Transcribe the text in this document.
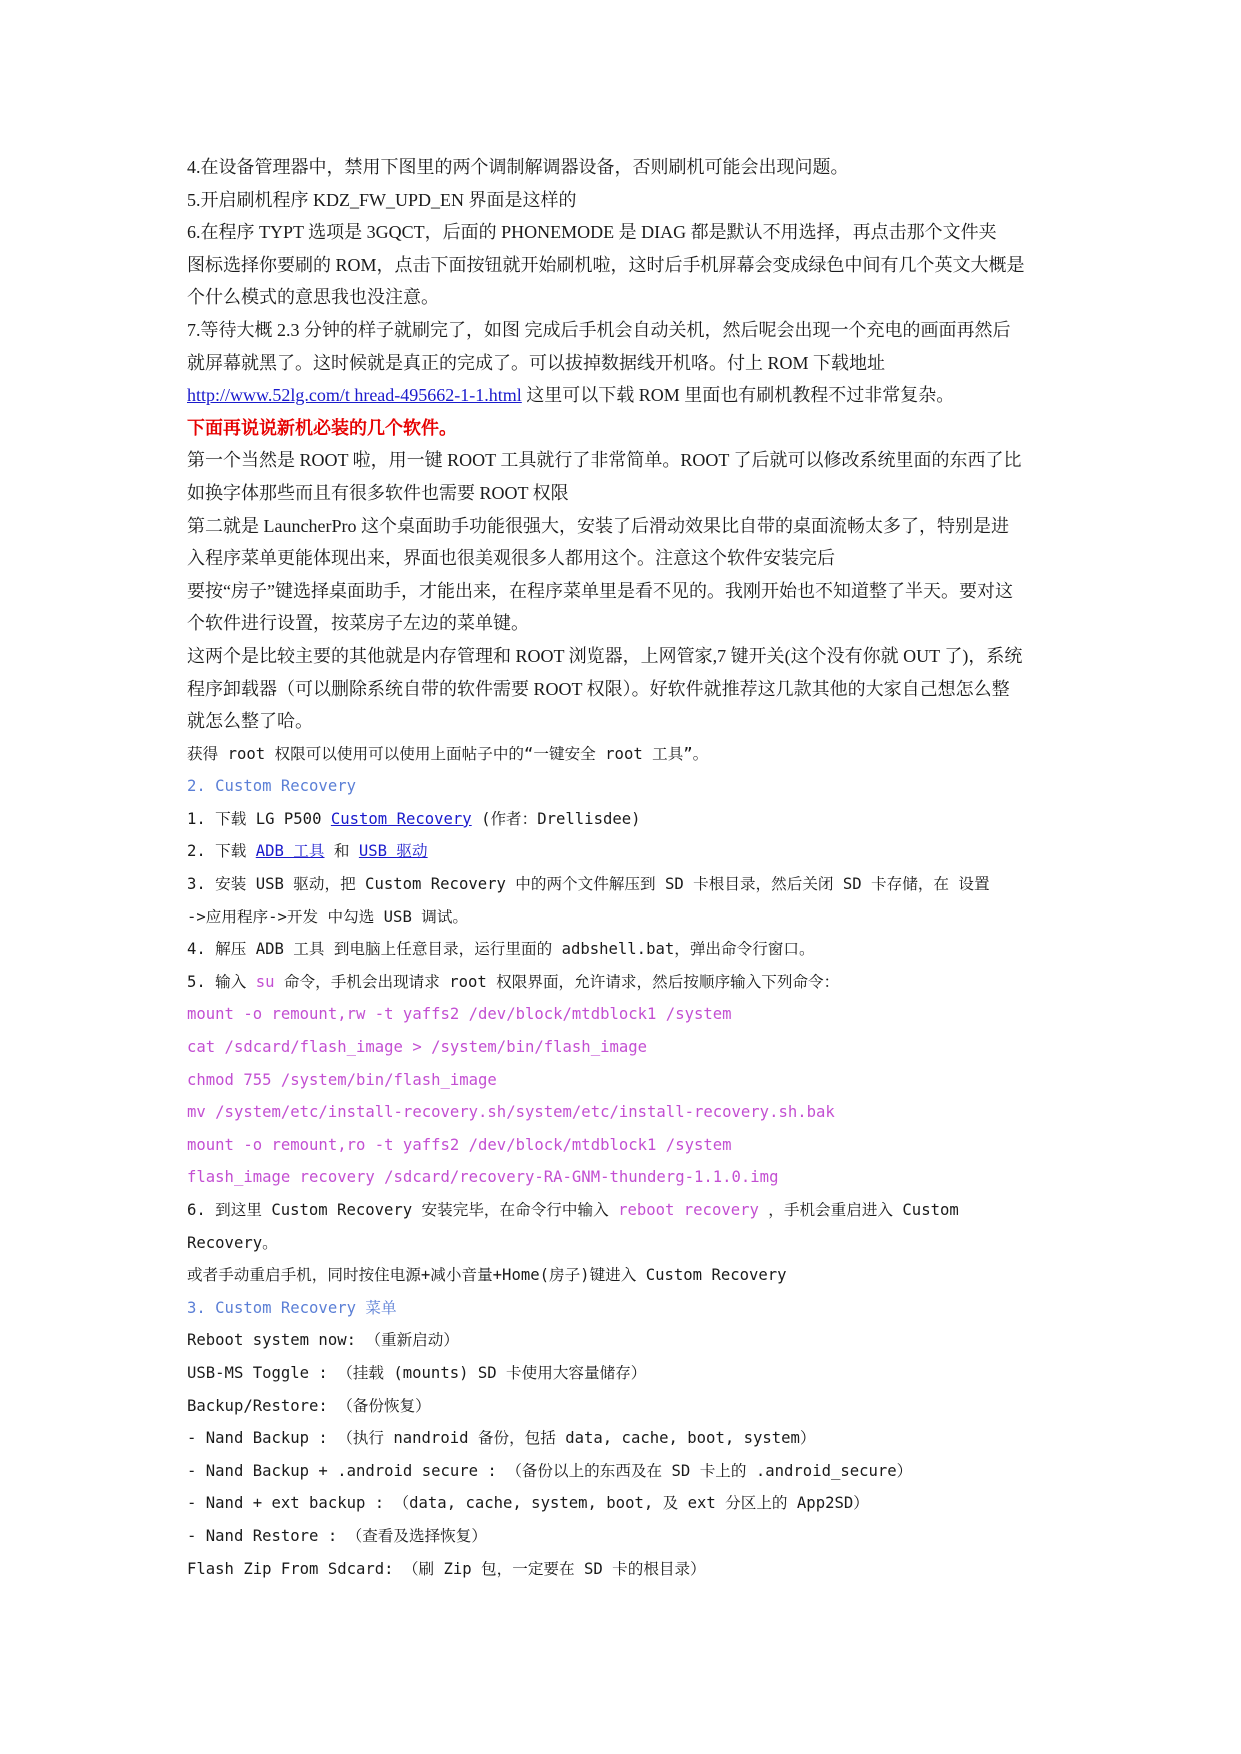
4.在设备管理器中，禁用下图里的两个调制解调器设备，否则刷机可能会出现问题。
5.开启刷机程序 KDZ_FW_UPD_EN 界面是这样的
6.在程序 TYPT 选项是 3GQCT，后面的 PHONEMODE 是 DIAG 都是默认不用选择，再点击那个文件夹
图标选择你要刷的 ROM，点击下面按钮就开始刷机啦，这时后手机屏幕会变成绿色中间有几个英文大概是
个什么模式的意思我也没注意。
7.等待大概 2.3 分钟的样子就刷完了，如图 完成后手机会自动关机，然后呢会出现一个充电的画面再然后
就屏幕就黑了。这时候就是真正的完成了。可以拔掉数据线开机咯。付上 ROM 下载地址
http://www.52lg.com/t hread-495662-1-1.html 这里可以下载 ROM 里面也有刷机教程不过非常复杂。
下面再说说新机必装的几个软件。
第一个当然是 ROOT 啦，用一键 ROOT 工具就行了非常简单。ROOT 了后就可以修改系统里面的东西了比
如换字体那些而且有很多软件也需要 ROOT 权限
第二就是 LauncherPro 这个桌面助手功能很强大，安装了后滑动效果比自带的桌面流畅太多了，特别是进
入程序菜单更能体现出来，界面也很美观很多人都用这个。注意这个软件安装完后
要按“房子”键选择桌面助手，才能出来，在程序菜单里是看不见的。我刚开始也不知道整了半天。要对这
个软件进行设置，按菜房子左边的菜单键。
这两个是比较主要的其他就是内存管理和 ROOT 浏览器，上网管家,7 键开关(这个没有你就 OUT 了)，系统
程序卸载器（可以删除系统自带的软件需要 ROOT 权限）。好软件就推荐这几款其他的大家自己想怎么整
就怎么整了哈。
获得 root 权限可以使用可以使用上面帖子中的“一键安全 root 工具”。
2. Custom Recovery
1. 下载 LG P500 Custom Recovery (作者：Drellisdee)
2. 下载 ADB 工具 和 USB 驱动
3. 安装 USB 驱动，把 Custom Recovery 中的两个文件解压到 SD 卡根目录，然后关闭 SD 卡存储，在 设置
->应用程序->开发 中勾选 USB 调试。
4. 解压 ADB 工具 到电脑上任意目录，运行里面的 adbshell.bat，弹出命令行窗口。
5. 输入 su 命令，手机会出现请求 root 权限界面，允许请求，然后按顺序输入下列命令：
mount -o remount,rw -t yaffs2 /dev/block/mtdblock1 /system
cat /sdcard/flash_image > /system/bin/flash_image
chmod 755 /system/bin/flash_image
mv /system/etc/install-recovery.sh/system/etc/install-recovery.sh.bak
mount -o remount,ro -t yaffs2 /dev/block/mtdblock1 /system
flash_image recovery /sdcard/recovery-RA-GNM-thunderg-1.1.0.img
6. 到这里 Custom Recovery 安装完毕，在命令行中输入 reboot recovery ，手机会重启进入 Custom
Recovery。
或者手动重启手机，同时按住电源+减小音量+Home(房子)键进入 Custom Recovery
3. Custom Recovery 菜单
Reboot system now: （重新启动）
USB-MS Toggle : （挂载 (mounts) SD 卡使用大容量储存）
Backup/Restore: （备份恢复）
- Nand Backup : （执行 nandroid 备份，包括 data, cache, boot, system）
- Nand Backup + .android secure : （备份以上的东西及在 SD 卡上的 .android_secure）
- Nand + ext backup : （data, cache, system, boot, 及 ext 分区上的 App2SD）
- Nand Restore : （查看及选择恢复）
Flash Zip From Sdcard: （刷 Zip 包，一定要在 SD 卡的根目录）
